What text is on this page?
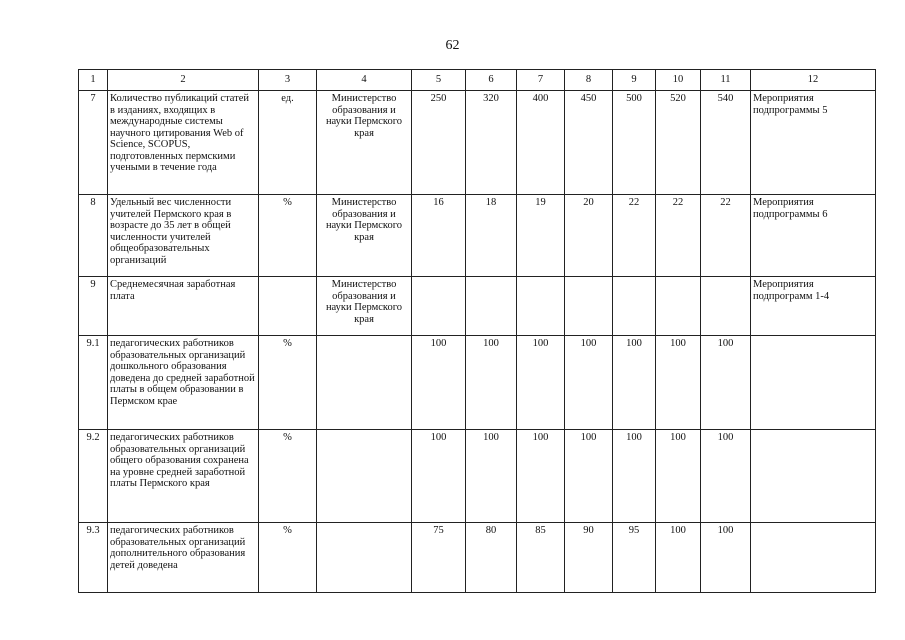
62
1	2	3	4	5	6	7	8	9	10	11	12
7	Количество публикаций статей в изданиях, входящих в международные системы научного цитирования Web of Science, SCOPUS, подготовленных пермскими учеными в течение года	ед.	Министерство образования и науки Пермского края	250	320	400	450	500	520	540	Мероприятия подпрограммы 5
8	Удельный вес численности учителей Пермского края в возрасте до 35 лет в общей численности учителей общеобразовательных организаций	%	Министерство образования и науки Пермского края	16	18	19	20	22	22	22	Мероприятия подпрограммы 6
9	Среднемесячная заработная плата		Министерство образования и науки Пермского края								Мероприятия подпрограмм 1-4
9.1	педагогических работников образовательных организаций дошкольного образования доведена до средней заработной платы в общем образовании в Пермском крае	%		100	100	100	100	100	100	100	
9.2	педагогических работников образовательных организаций общего образования сохранена на уровне средней заработной платы Пермского края	%		100	100	100	100	100	100	100	
9.3	педагогических работников образовательных организаций дополнительного образования детей доведена	%		75	80	85	90	95	100	100	
